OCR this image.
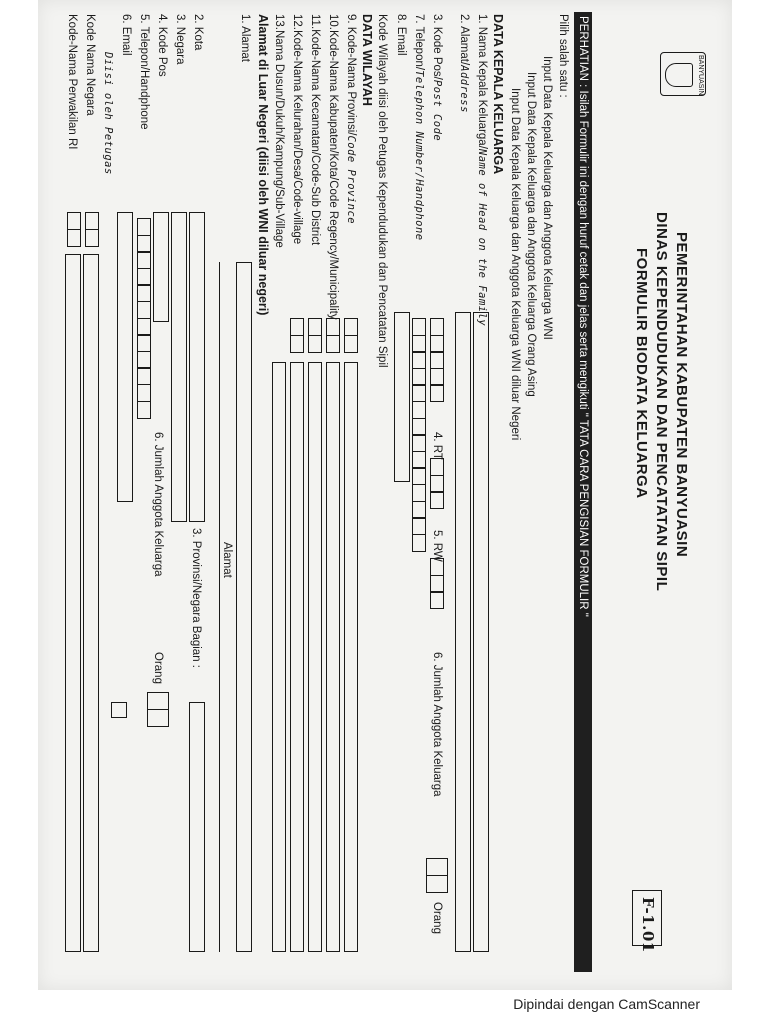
BANYUASIN
PEMERINTAHAN KABUPATEN BANYUASIN
DINAS KEPENDUDUKAN DAN PENCATATAN SIPIL
FORMULIR BIODATA KELUARGA
F-1.01
PERHATIAN : Isilah Formulir ini dengan huruf cetak dan jelas serta mengikuti " TATA CARA PENGISIAN FORMULIR "
Pilih salah satu :
Input Data Kepala Keluarga dan Anggota Keluarga WNI
Input Data Kepala Keluarga dan Anggota Keluarga Orang Asing
Input Data Kepala Keluarga dan Anggota Keluarga WNI diluar Negeri
DATA KEPALA KELUARGA
1. Nama Kepala Keluarga/Name of Head on the Family
2. Alamat/Address
3. Kode Pos/Post Code
4. RT
5. RW
6. Jumlah Anggota Keluarga
Orang
7. Telepon/Telephon Number/Handphone
8. Email
Kode Wilayah diisi oleh Petugas Kependudukan dan Pencatatan Sipil
DATA WILAYAH
9. Kode-Nama Provinsi/Code Province
10.Kode-Nama Kabupaten/Kota/Code Regency/Municipality
11.Kode-Nama Kecamatan/Code-Sub District
12.Kode-Nama Kelurahan/Desa/Code-village
13.Nama Dusun/Dukuh/Kampung/Sub-Village
Alamat di Luar Negeri (diisi oleh WNI diluar negeri)
1. Alamat
Alamat
2. Kota
3. Provinsi/Negara Bagian :
3. Negara
4. Kode Pos
6. Jumlah Anggota Keluarga
Orang
5. Telepon/Handphone
6. Email
Diisi oleh Petugas
Kode Nama Negara
Kode-Nama Perwakilan RI
Dipindai dengan CamScanner
